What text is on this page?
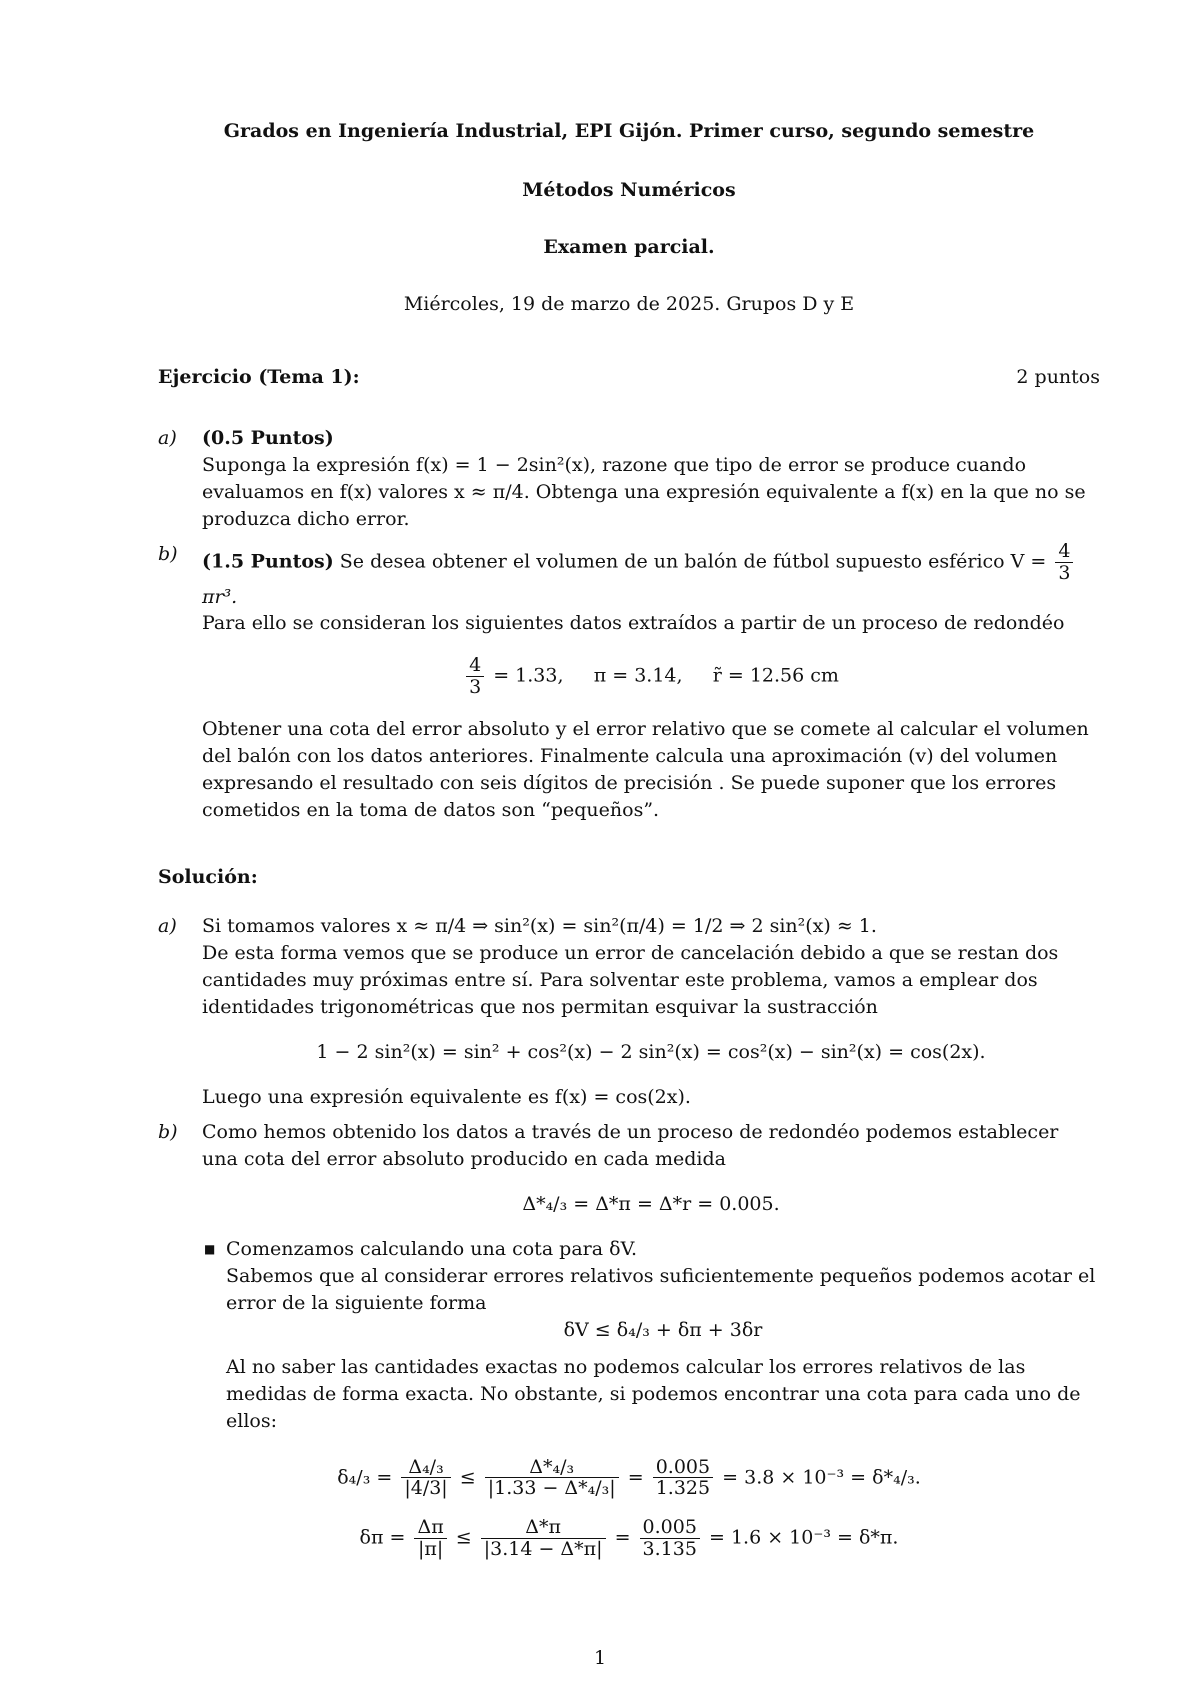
Grados en Ingeniería Industrial, EPI Gijón. Primer curso, segundo semestre

Métodos Numéricos

Examen parcial.

Miércoles, 19 de marzo de 2025. Grupos D y E

Ejercicio (Tema 1):	2 puntos
a)	(0.5 Puntos)

Suponga la expresión f(x) = 1 − 2sin²(x), razone que tipo de error se produce cuando evaluamos en f(x) valores x ≈ π/4. Obtenga una expresión equivalente a f(x) en la que no se produzca dicho error.

b)	(1.5 Puntos) Se desea obtener el volumen de un balón de fútbol supuesto esférico $V = \frac{4}{3}$
πr³.

Para ello se consideran los siguientes datos extraídos a partir de un proceso de redondéo

$\frac{4}{3} = 1.33$,     π = 3.14,     r̃ = 12.56 cm

Obtener una cota del error absoluto y el error relativo que se comete al calcular el volumen del balón con los datos anteriores. Finalmente calcula una aproximación (v) del volumen expresando el resultado con seis dígitos de precisión . Se puede suponer que los errores cometidos en la toma de datos son “pequeños”.

Solución:

a)	Si tomamos valores x ≈ π/4 ⇒ sin²(x) = sin²(π/4) = 1/2 ⇒ 2 sin²(x) ≈ 1.

De esta forma vemos que se produce un error de cancelación debido a que se restan dos cantidades muy próximas entre sí. Para solventar este problema, vamos a emplear dos identidades trigonométricas que nos permitan esquivar la sustracción

1 − 2 sin²(x) = sin² + cos²(x) − 2 sin²(x) = cos²(x) − sin²(x) = cos(2x).

Luego una expresión equivalente es f(x) = cos(2x).

b)	Como hemos obtenido los datos a través de un proceso de redondéo podemos establecer una cota del error absoluto producido en cada medida

Δ*₄/₃ = Δ*π = Δ*r = 0.005.
■ Comenzamos calculando una cota para δV.

Sabemos que al considerar errores relativos suficientemente pequeños podemos acotar el error de la siguiente forma

δV ≤ δ₄/₃ + δπ + 3δr

Al no saber las cantidades exactas no podemos calcular los errores relativos de las medidas de forma exacta. No obstante, si podemos encontrar una cota para cada uno de ellos:

$\delta_4/_3 = \frac{\text{Δ₄/₃}}{|4/3|} \le \frac{\text{Δ*₄/₃}}{\text{|1.33 − Δ*₄/₃|}} = \frac{0.005}{1.325} = 3.8 \times 10^{-3} = \delta*_4/_3$.
$\delta\pi = \frac{\Delta\pi}{|\pi|} \le \frac{\Delta*\pi}{|3.14 - \Delta*\pi|} = \frac{0.005}{3.135} = 1.6 \times 10^{-3} = \delta*\pi$.
1
